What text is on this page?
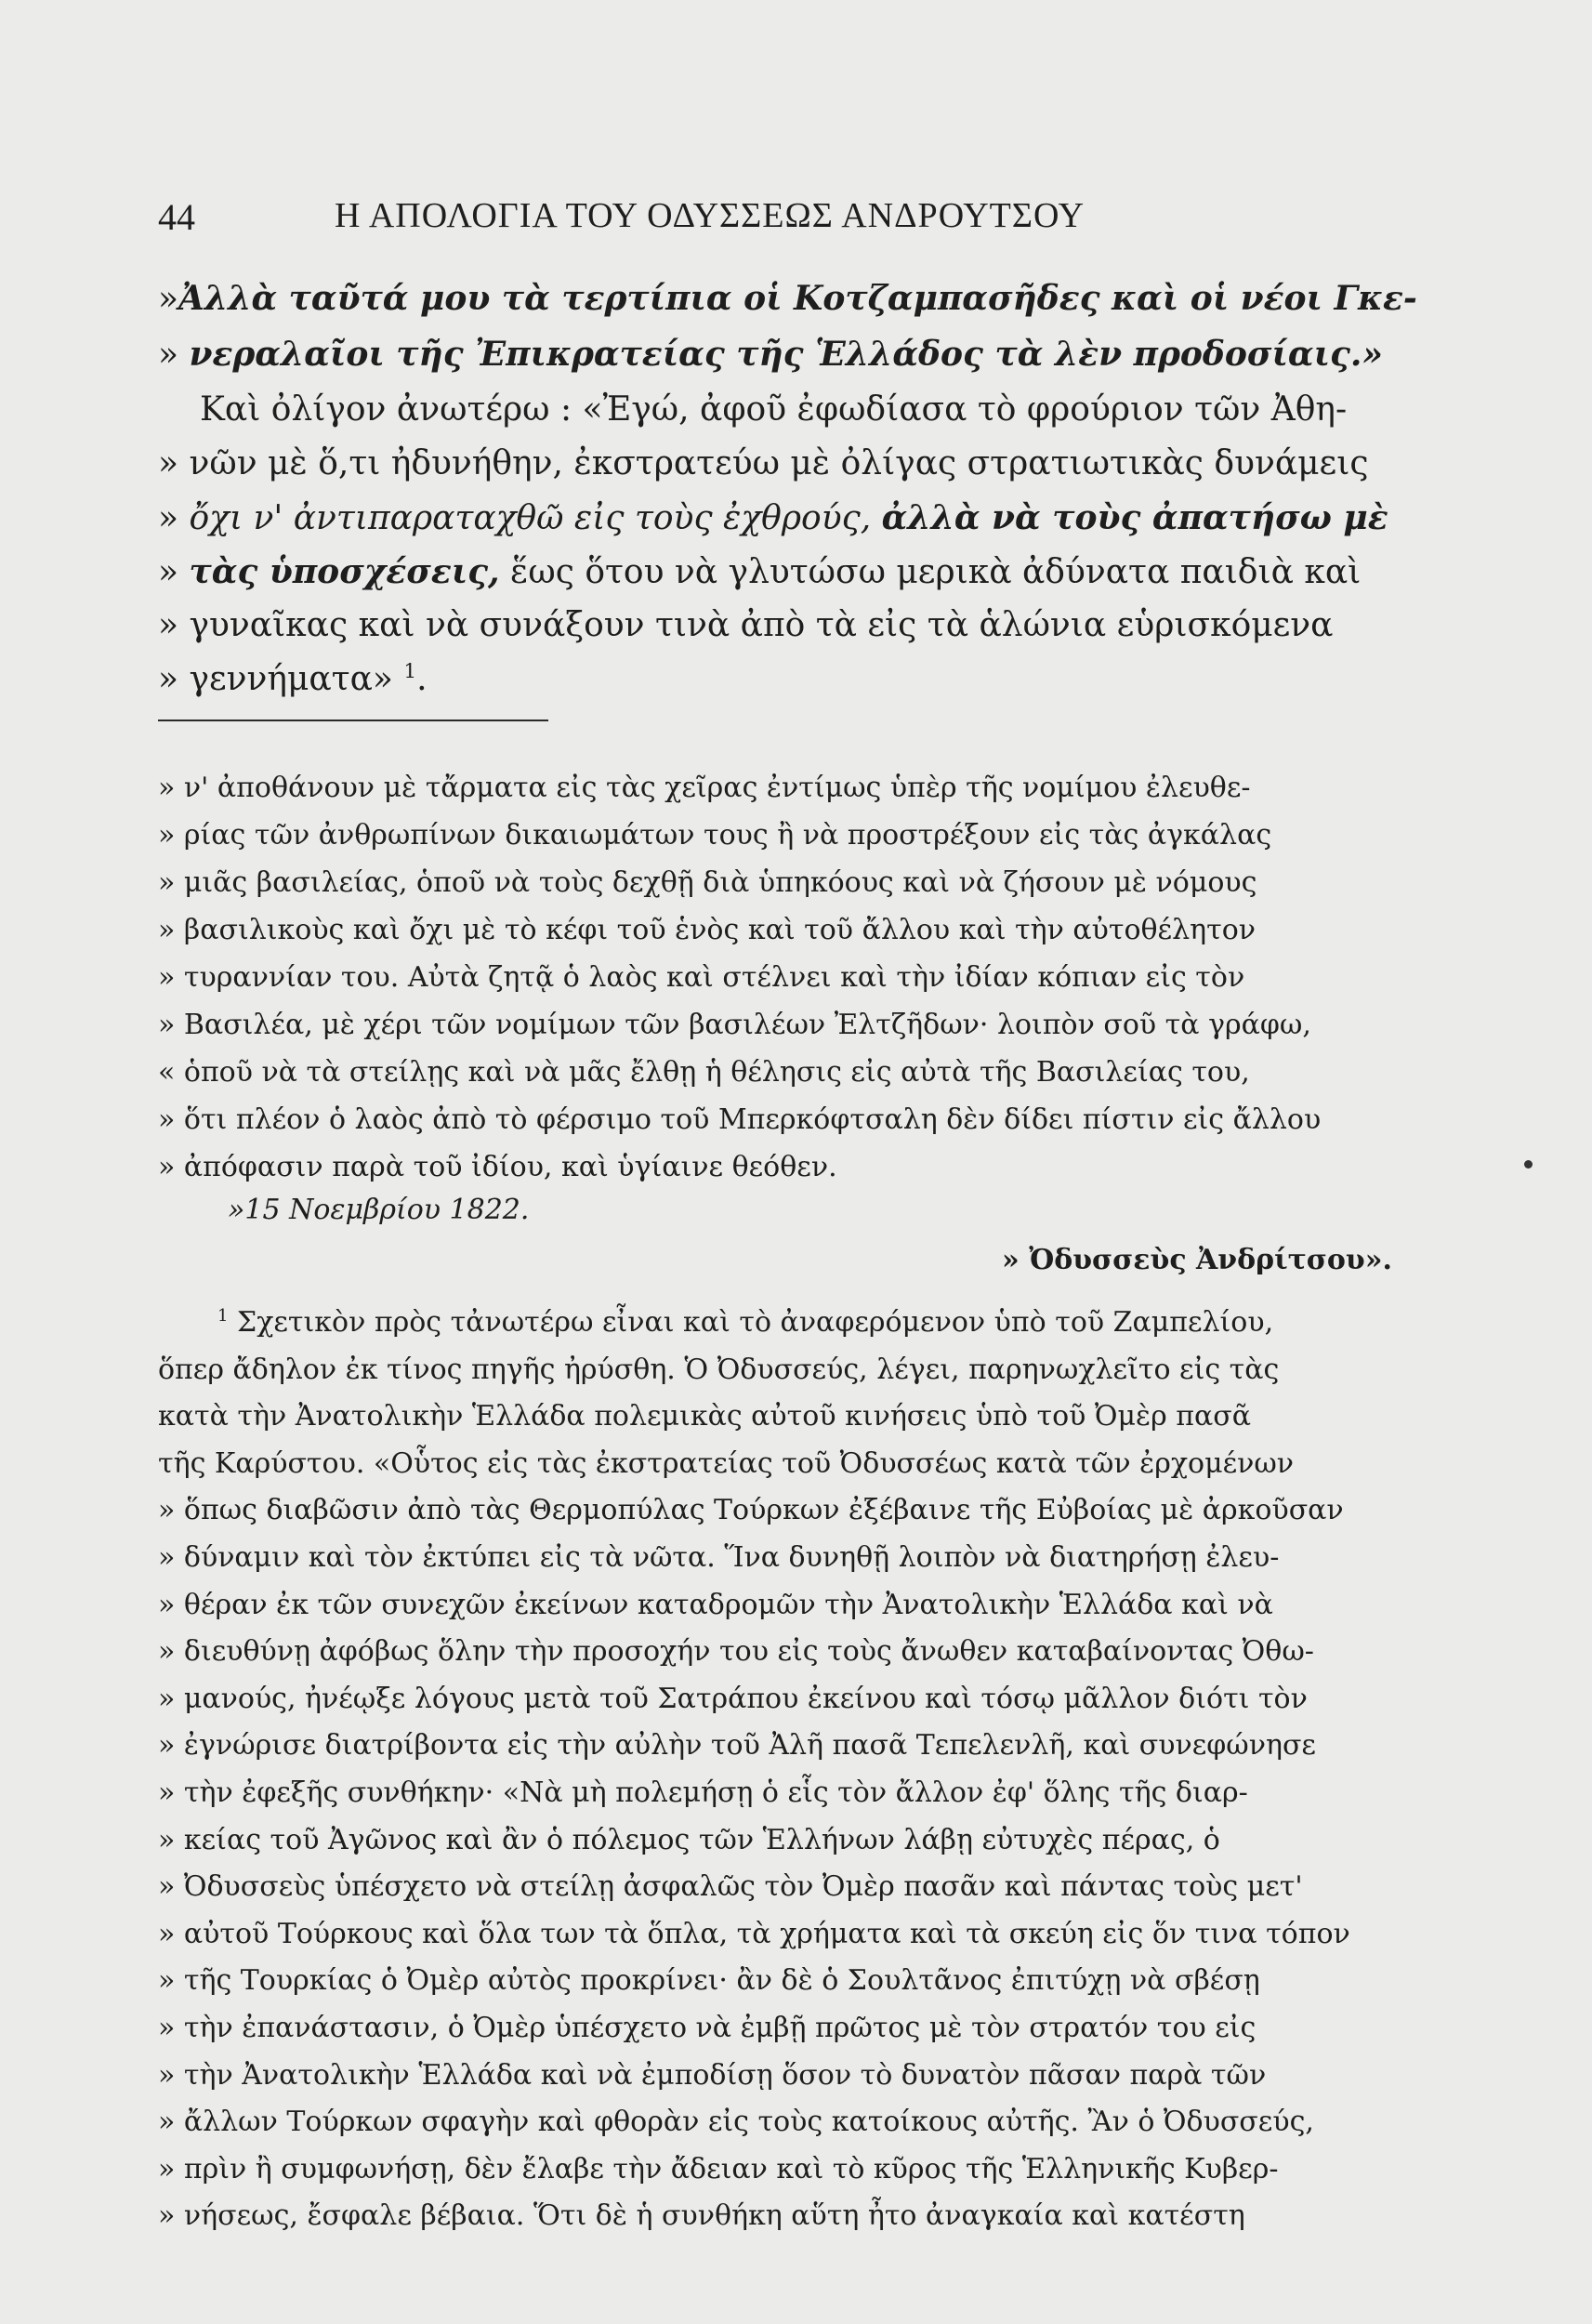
44	Η ΑΠΟΛΟΓΙΑ ΤΟΥ ΟΔΥΣΣΕΩΣ ΑΝΔΡΟΥΤΣΟΥ
»Ἀλλὰ ταῦτά μου τὰ τερτίπια οἱ Κοτζαμπασῆδες καὶ οἱ νέοι Γκε-
» νεραλαῖοι τῆς Ἐπικρατείας τῆς Ἑλλάδος τὰ λὲν προδοσίαις.»
Καὶ ὀλίγον ἀνωτέρω : «Ἐγώ, ἀφοῦ ἐφωδίασα τὸ φρούριον τῶν Ἀθη-
» νῶν μὲ ὅ,τι ἠδυνήθην, ἐκστρατεύω μὲ ὀλίγας στρατιωτικὰς δυνάμεις
» ὄχι ν' ἀντιπαραταχθῶ εἰς τοὺς ἐχθρούς, ἀλλὰ νὰ τοὺς ἀπατήσω μὲ
» τὰς ὑποσχέσεις, ἕως ὅτου νὰ γλυτώσω μερικὰ ἀδύνατα παιδιὰ καὶ
» γυναῖκας καὶ νὰ συνάξουν τινὰ ἀπὸ τὰ εἰς τὰ ἁλώνια εὑρισκόμενα
» γεννήματα» $^1$.
» ν' ἀποθάνουν μὲ τἄρματα εἰς τὰς χεῖρας ἐντίμως ὑπὲρ τῆς νομίμου ἐλευθε-
» ρίας τῶν ἀνθρωπίνων δικαιωμάτων τους ἢ νὰ προστρέξουν εἰς τὰς ἀγκάλας
» μιᾶς βασιλείας, ὁποῦ νὰ τοὺς δεχθῇ διὰ ὑπηκόους καὶ νὰ ζήσουν μὲ νόμους
» βασιλικοὺς καὶ ὄχι μὲ τὸ κέφι τοῦ ἑνὸς καὶ τοῦ ἄλλου καὶ τὴν αὐτοθέλητον
» τυραννίαν του. Αὐτὰ ζητᾷ ὁ λαὸς καὶ στέλνει καὶ τὴν ἰδίαν κόπιαν εἰς τὸν
» Βασιλέα, μὲ χέρι τῶν νομίμων τῶν βασιλέων Ἐλτζῆδων· λοιπὸν σοῦ τὰ γράφω,
« ὁποῦ νὰ τὰ στείλῃς καὶ νὰ μᾶς ἔλθῃ ἡ θέλησις εἰς αὐτὰ τῆς Βασιλείας του,
» ὅτι πλέον ὁ λαὸς ἀπὸ τὸ φέρσιμο τοῦ Μπερκόφτσαλη δὲν δίδει πίστιν εἰς ἄλλου
» ἀπόφασιν παρὰ τοῦ ἰδίου, καὶ ὑγίαινε θεόθεν.
»15 Νοεμβρίου 1822.
» Ὀδυσσεὺς Ἀνδρίτσου».
$^1$ Σχετικὸν πρὸς τἀνωτέρω εἶναι καὶ τὸ ἀναφερόμενον ὑπὸ τοῦ Ζαμπελίου,
ὅπερ ἄδηλον ἐκ τίνος πηγῆς ἠρύσθη. Ὁ Ὀδυσσεύς, λέγει, παρηνωχλεῖτο εἰς τὰς
κατὰ τὴν Ἀνατολικὴν Ἑλλάδα πολεμικὰς αὐτοῦ κινήσεις ὑπὸ τοῦ Ὀμὲρ πασᾶ
τῆς Καρύστου. «Οὗτος εἰς τὰς ἐκστρατείας τοῦ Ὀδυσσέως κατὰ τῶν ἐρχομένων
» ὅπως διαβῶσιν ἀπὸ τὰς Θερμοπύλας Τούρκων ἐξέβαινε τῆς Εὐβοίας μὲ ἀρκοῦσαν
» δύναμιν καὶ τὸν ἐκτύπει εἰς τὰ νῶτα. Ἵνα δυνηθῇ λοιπὸν νὰ διατηρήσῃ ἐλευ-
» θέραν ἐκ τῶν συνεχῶν ἐκείνων καταδρομῶν τὴν Ἀνατολικὴν Ἑλλάδα καὶ νὰ
» διευθύνῃ ἀφόβως ὅλην τὴν προσοχήν του εἰς τοὺς ἄνωθεν καταβαίνοντας Ὀθω-
» μανούς, ἠνέῳξε λόγους μετὰ τοῦ Σατράπου ἐκείνου καὶ τόσῳ μᾶλλον διότι τὸν
» ἐγνώρισε διατρίβοντα εἰς τὴν αὐλὴν τοῦ Ἀλῆ πασᾶ Τεπελενλῆ, καὶ συνεφώνησε
» τὴν ἐφεξῆς συνθήκην· «Νὰ μὴ πολεμήσῃ ὁ εἷς τὸν ἄλλον ἐφ' ὅλης τῆς διαρ-
» κείας τοῦ Ἀγῶνος καὶ ἂν ὁ πόλεμος τῶν Ἑλλήνων λάβῃ εὐτυχὲς πέρας, ὁ
» Ὀδυσσεὺς ὑπέσχετο νὰ στείλῃ ἀσφαλῶς τὸν Ὀμὲρ πασᾶν καὶ πάντας τοὺς μετ'
» αὐτοῦ Τούρκους καὶ ὅλα των τὰ ὅπλα, τὰ χρήματα καὶ τὰ σκεύη εἰς ὅν τινα τόπον
» τῆς Τουρκίας ὁ Ὀμὲρ αὐτὸς προκρίνει· ἂν δὲ ὁ Σουλτᾶνος ἐπιτύχῃ νὰ σβέσῃ
» τὴν ἐπανάστασιν, ὁ Ὀμὲρ ὑπέσχετο νὰ ἐμβῇ πρῶτος μὲ τὸν στρατόν του εἰς
» τὴν Ἀνατολικὴν Ἑλλάδα καὶ νὰ ἐμποδίσῃ ὅσον τὸ δυνατὸν πᾶσαν παρὰ τῶν
» ἄλλων Τούρκων σφαγὴν καὶ φθορὰν εἰς τοὺς κατοίκους αὐτῆς. Ἂν ὁ Ὀδυσσεύς,
» πρὶν ἢ συμφωνήσῃ, δὲν ἔλαβε τὴν ἄδειαν καὶ τὸ κῦρος τῆς Ἑλληνικῆς Κυβερ-
» νήσεως, ἔσφαλε βέβαια. Ὅτι δὲ ἡ συνθήκη αὕτη ἦτο ἀναγκαία καὶ κατέστη
